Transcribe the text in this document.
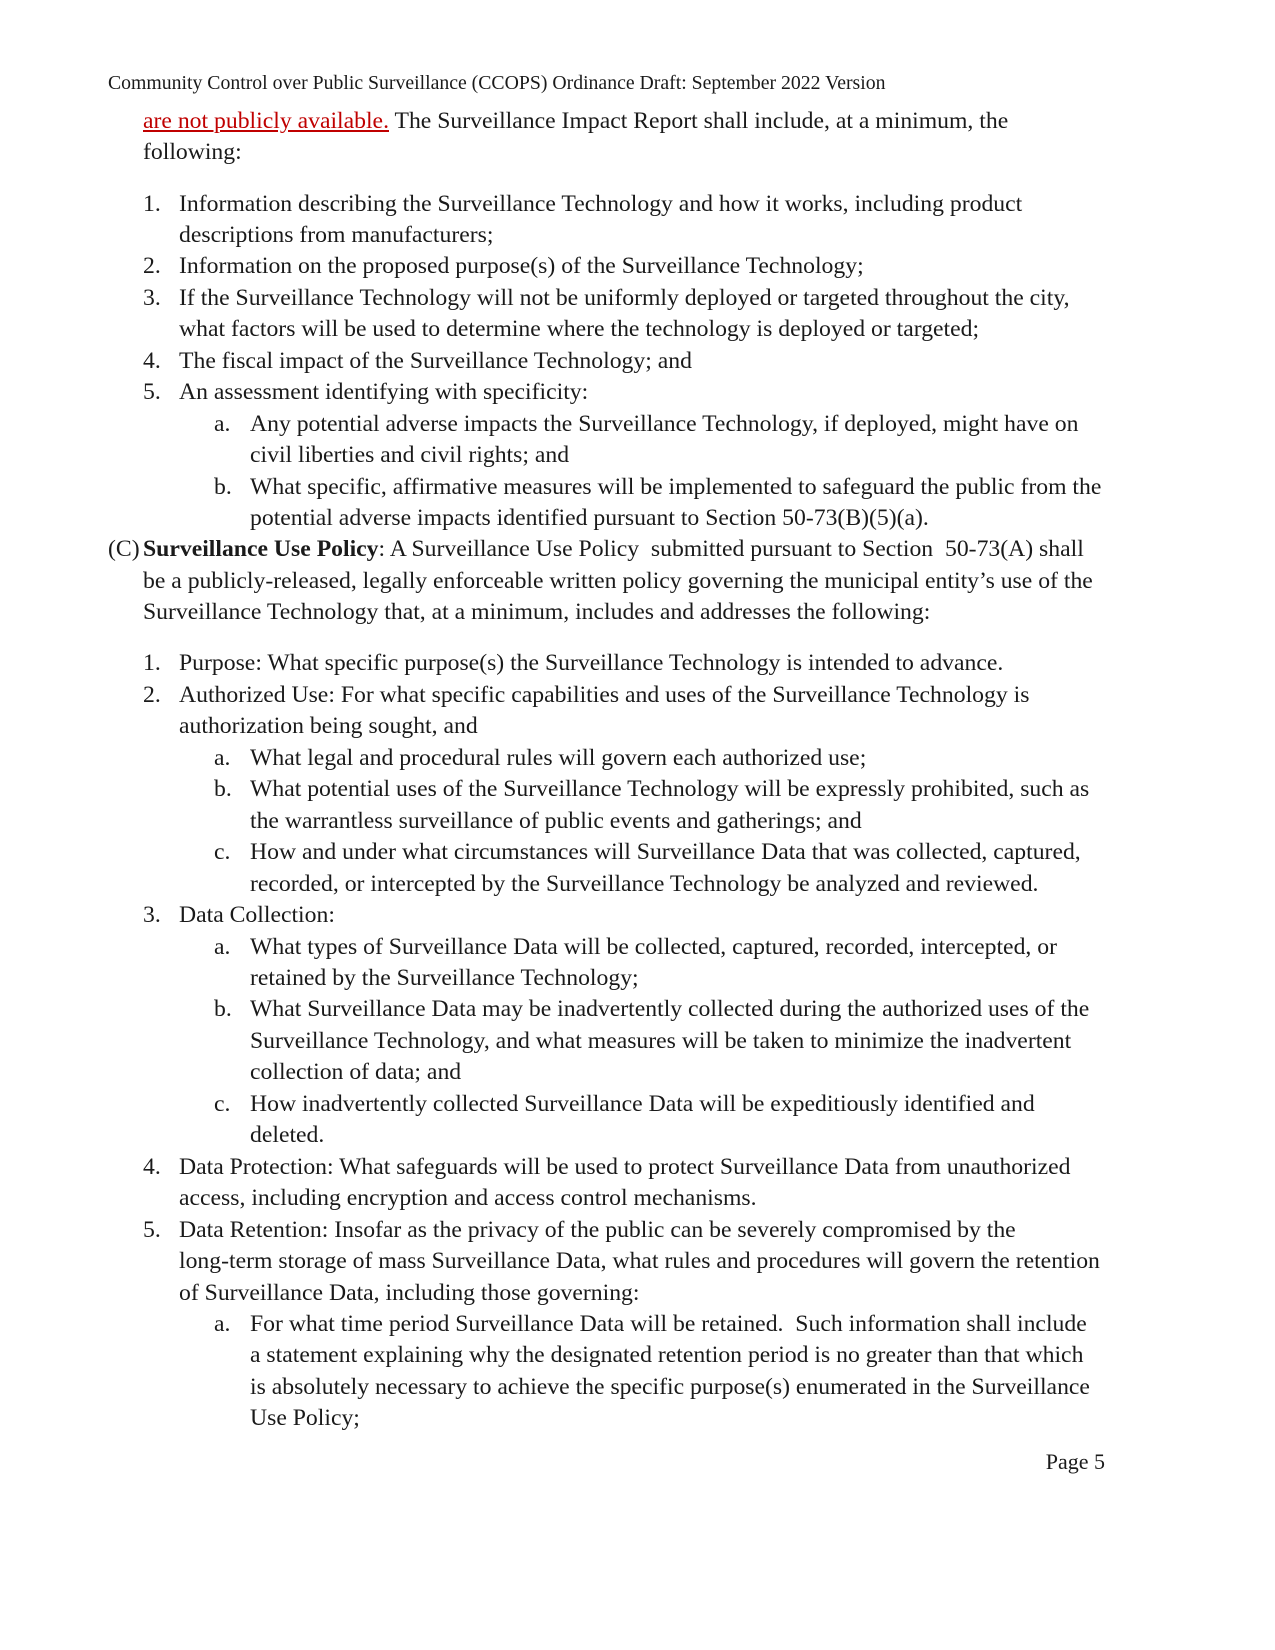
Community Control over Public Surveillance (CCOPS) Ordinance Draft: September 2022 Version
are not publicly available. The Surveillance Impact Report shall include, at a minimum, the
following:
1. Information describing the Surveillance Technology and how it works, including product
descriptions from manufacturers;
2. Information on the proposed purpose(s) of the Surveillance Technology;
3. If the Surveillance Technology will not be uniformly deployed or targeted throughout the city,
what factors will be used to determine where the technology is deployed or targeted;
4. The fiscal impact of the Surveillance Technology; and
5. An assessment identifying with specificity:
a. Any potential adverse impacts the Surveillance Technology, if deployed, might have on
civil liberties and civil rights; and
b. What specific, affirmative measures will be implemented to safeguard the public from the
potential adverse impacts identified pursuant to Section 50-73(B)(5)(a).
(C) Surveillance Use Policy: A Surveillance Use Policy  submitted pursuant to Section  50-73(A) shall
be a publicly-released, legally enforceable written policy governing the municipal entity’s use of the
Surveillance Technology that, at a minimum, includes and addresses the following:
1. Purpose: What specific purpose(s) the Surveillance Technology is intended to advance.
2. Authorized Use: For what specific capabilities and uses of the Surveillance Technology is
authorization being sought, and
a. What legal and procedural rules will govern each authorized use;
b. What potential uses of the Surveillance Technology will be expressly prohibited, such as
the warrantless surveillance of public events and gatherings; and
c. How and under what circumstances will Surveillance Data that was collected, captured,
recorded, or intercepted by the Surveillance Technology be analyzed and reviewed.
3. Data Collection:
a. What types of Surveillance Data will be collected, captured, recorded, intercepted, or
retained by the Surveillance Technology;
b. What Surveillance Data may be inadvertently collected during the authorized uses of the
Surveillance Technology, and what measures will be taken to minimize the inadvertent
collection of data; and
c. How inadvertently collected Surveillance Data will be expeditiously identified and
deleted.
4. Data Protection: What safeguards will be used to protect Surveillance Data from unauthorized
access, including encryption and access control mechanisms.
5. Data Retention: Insofar as the privacy of the public can be severely compromised by the
long-term storage of mass Surveillance Data, what rules and procedures will govern the retention
of Surveillance Data, including those governing:
a. For what time period Surveillance Data will be retained.  Such information shall include
a statement explaining why the designated retention period is no greater than that which
is absolutely necessary to achieve the specific purpose(s) enumerated in the Surveillance
Use Policy;
Page 5
